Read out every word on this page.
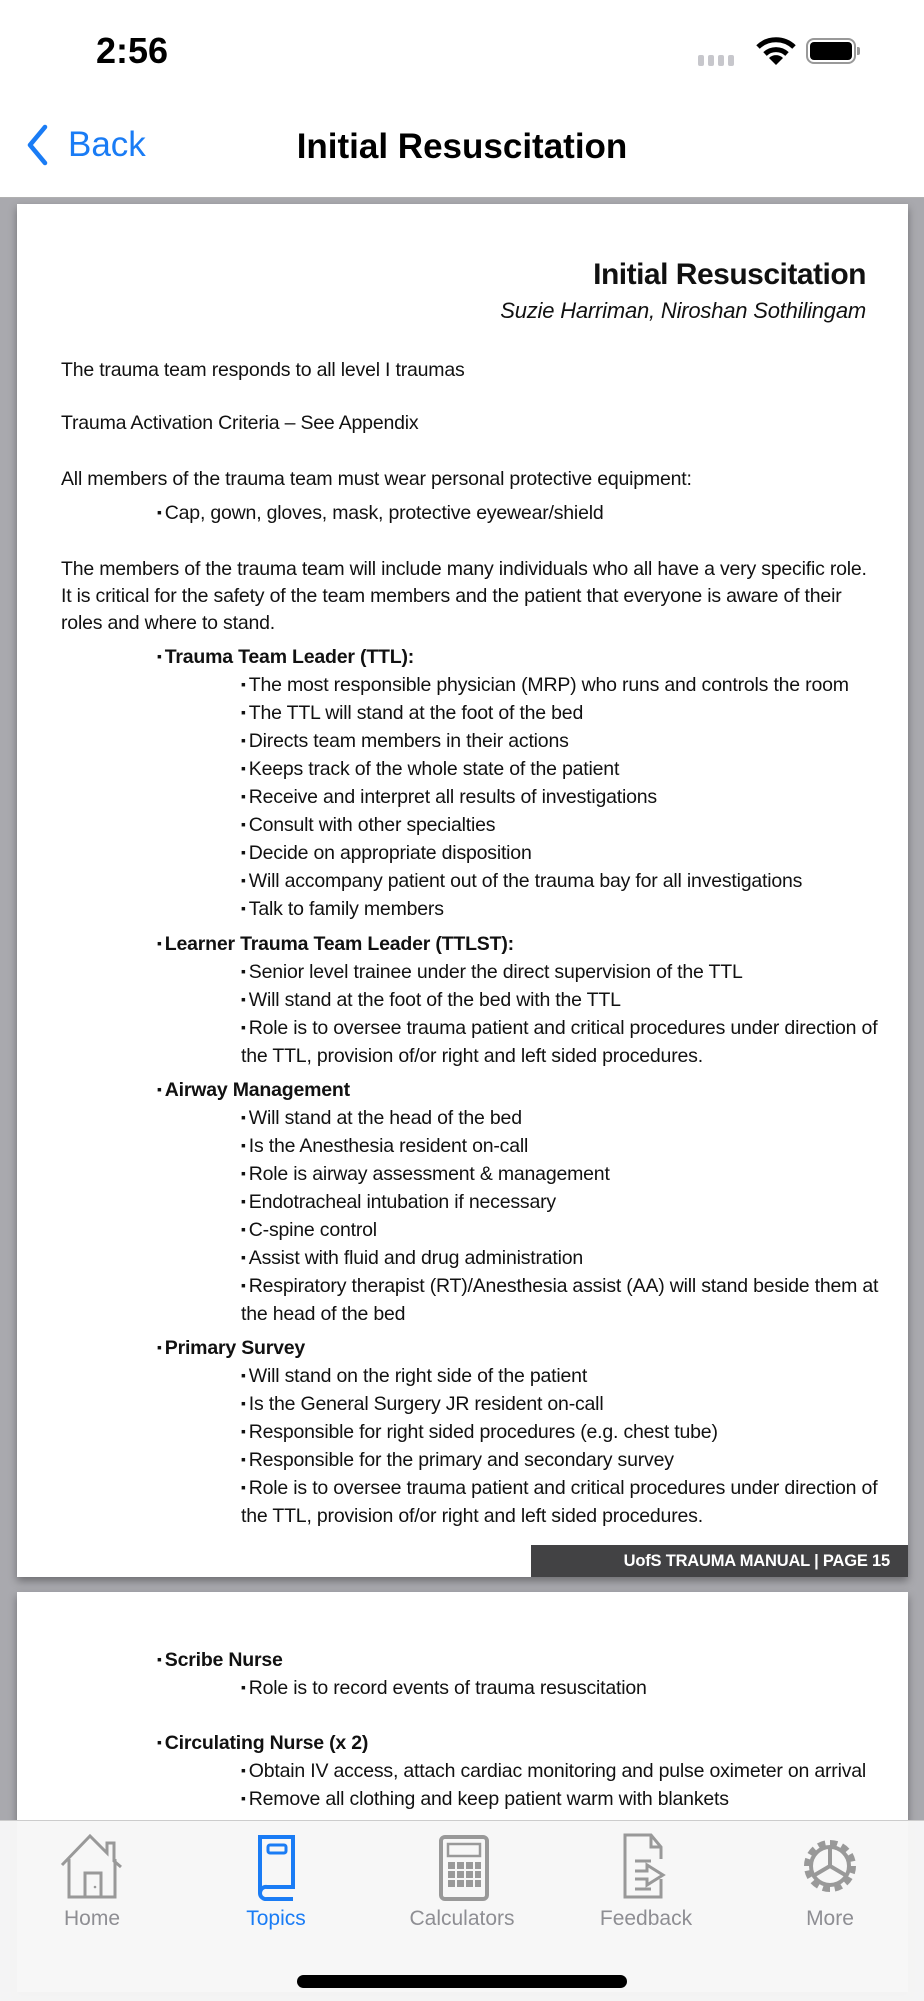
2:56
Back	Initial Resuscitation
Initial Resuscitation
Suzie Harriman, Niroshan Sothilingam
The trauma team responds to all level I traumas
Trauma Activation Criteria – See Appendix
All members of the trauma team must wear personal protective equipment:
▪ Cap, gown, gloves, mask, protective eyewear/shield
The members of the trauma team will include many individuals who all have a very specific role. It is critical for the safety of the team members and the patient that everyone is aware of their roles and where to stand.
▪ Trauma Team Leader (TTL):
▪ The most responsible physician (MRP) who runs and controls the room
▪ The TTL will stand at the foot of the bed
▪ Directs team members in their actions
▪ Keeps track of the whole state of the patient
▪ Receive and interpret all results of investigations
▪ Consult with other specialties
▪ Decide on appropriate disposition
▪ Will accompany patient out of the trauma bay for all investigations
▪ Talk to family members
▪ Learner Trauma Team Leader (TTLST):
▪ Senior level trainee under the direct supervision of the TTL
▪ Will stand at the foot of the bed with the TTL
▪ Role is to oversee trauma patient and critical procedures under direction of the TTL, provision of/or right and left sided procedures.
▪ Airway Management
▪ Will stand at the head of the bed
▪ Is the Anesthesia resident on-call
▪ Role is airway assessment & management
▪ Endotracheal intubation if necessary
▪ C-spine control
▪ Assist with fluid and drug administration
▪ Respiratory therapist (RT)/Anesthesia assist (AA) will stand beside them at the head of the bed
▪ Primary Survey
▪ Will stand on the right side of the patient
▪ Is the General Surgery JR resident on-call
▪ Responsible for right sided procedures (e.g. chest tube)
▪ Responsible for the primary and secondary survey
▪ Role is to oversee trauma patient and critical procedures under direction of the TTL, provision of/or right and left sided procedures.
UofS TRAUMA MANUAL | PAGE 15
▪ Scribe Nurse
▪ Role is to record events of trauma resuscitation
▪ Circulating Nurse (x 2)
▪ Obtain IV access, attach cardiac monitoring and pulse oximeter on arrival
▪ Remove all clothing and keep patient warm with blankets
Home	Topics	Calculators	Feedback	More
